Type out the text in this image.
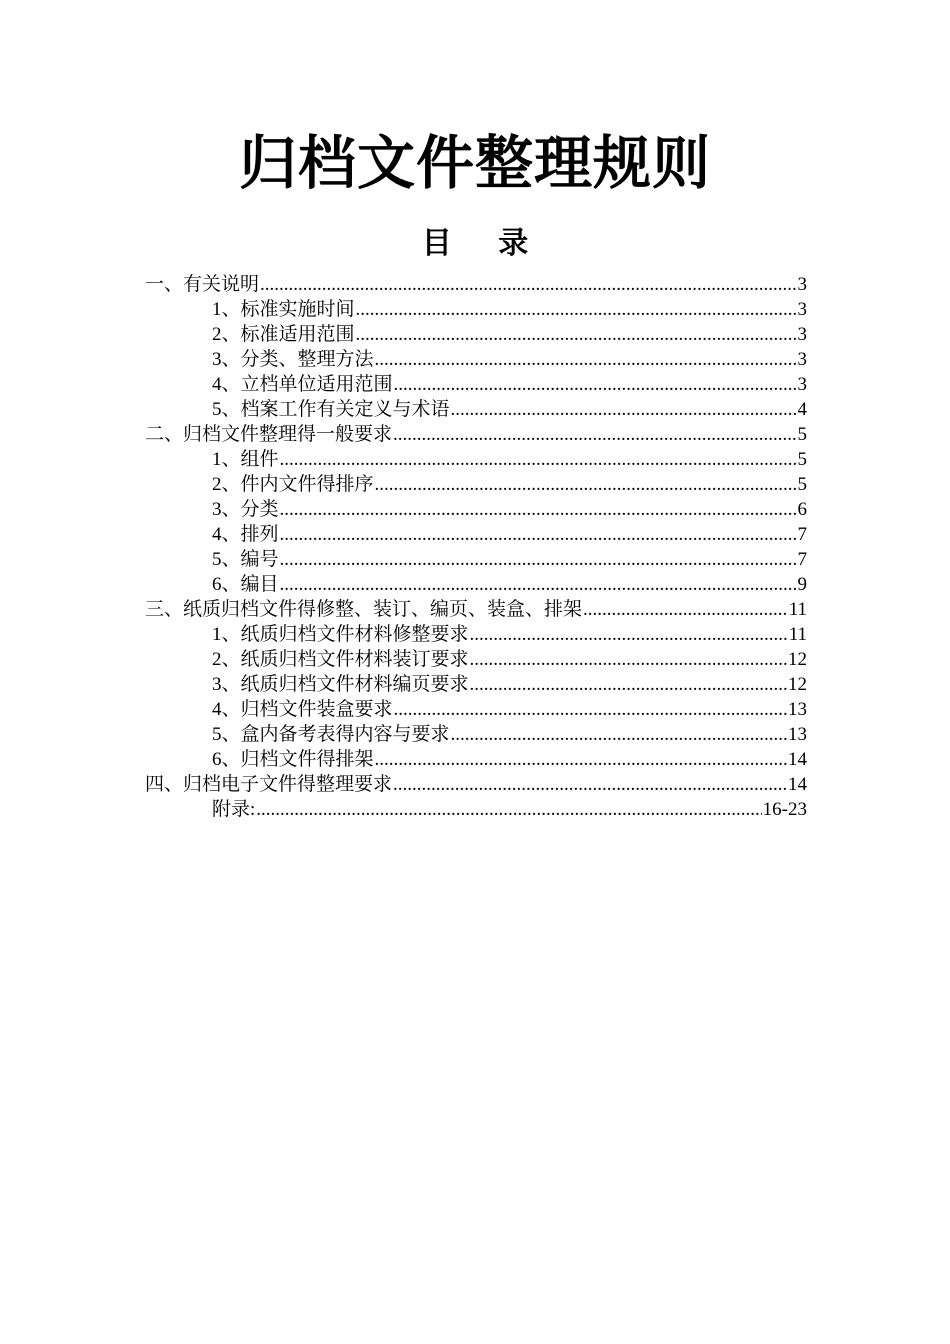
归档文件整理规则
目 录
一、有关说明 .....	3
1、标准实施时间 .....	3
2、标准适用范围 .....	3
3、分类、整理方法 .....	3
4、立档单位适用范围 .....	3
5、档案工作有关定义与术语 .....	4
二、归档文件整理得一般要求 .....	5
1、组件 .....	5
2、件内文件得排序 .....	5
3、分类 .....	6
4、排列 .....	7
5、编号 .....	7
6、编目 .....	9
三、纸质归档文件得修整、装订、编页、装盒、排架 .....	11
1、纸质归档文件材料修整要求 .....	11
2、纸质归档文件材料装订要求 .....	12
3、纸质归档文件材料编页要求 .....	12
4、归档文件装盒要求 .....	13
5、盒内备考表得内容与要求 .....	13
6、归档文件得排架 .....	14
四、归档电子文件得整理要求 .....	14
附录: .....	16-23
